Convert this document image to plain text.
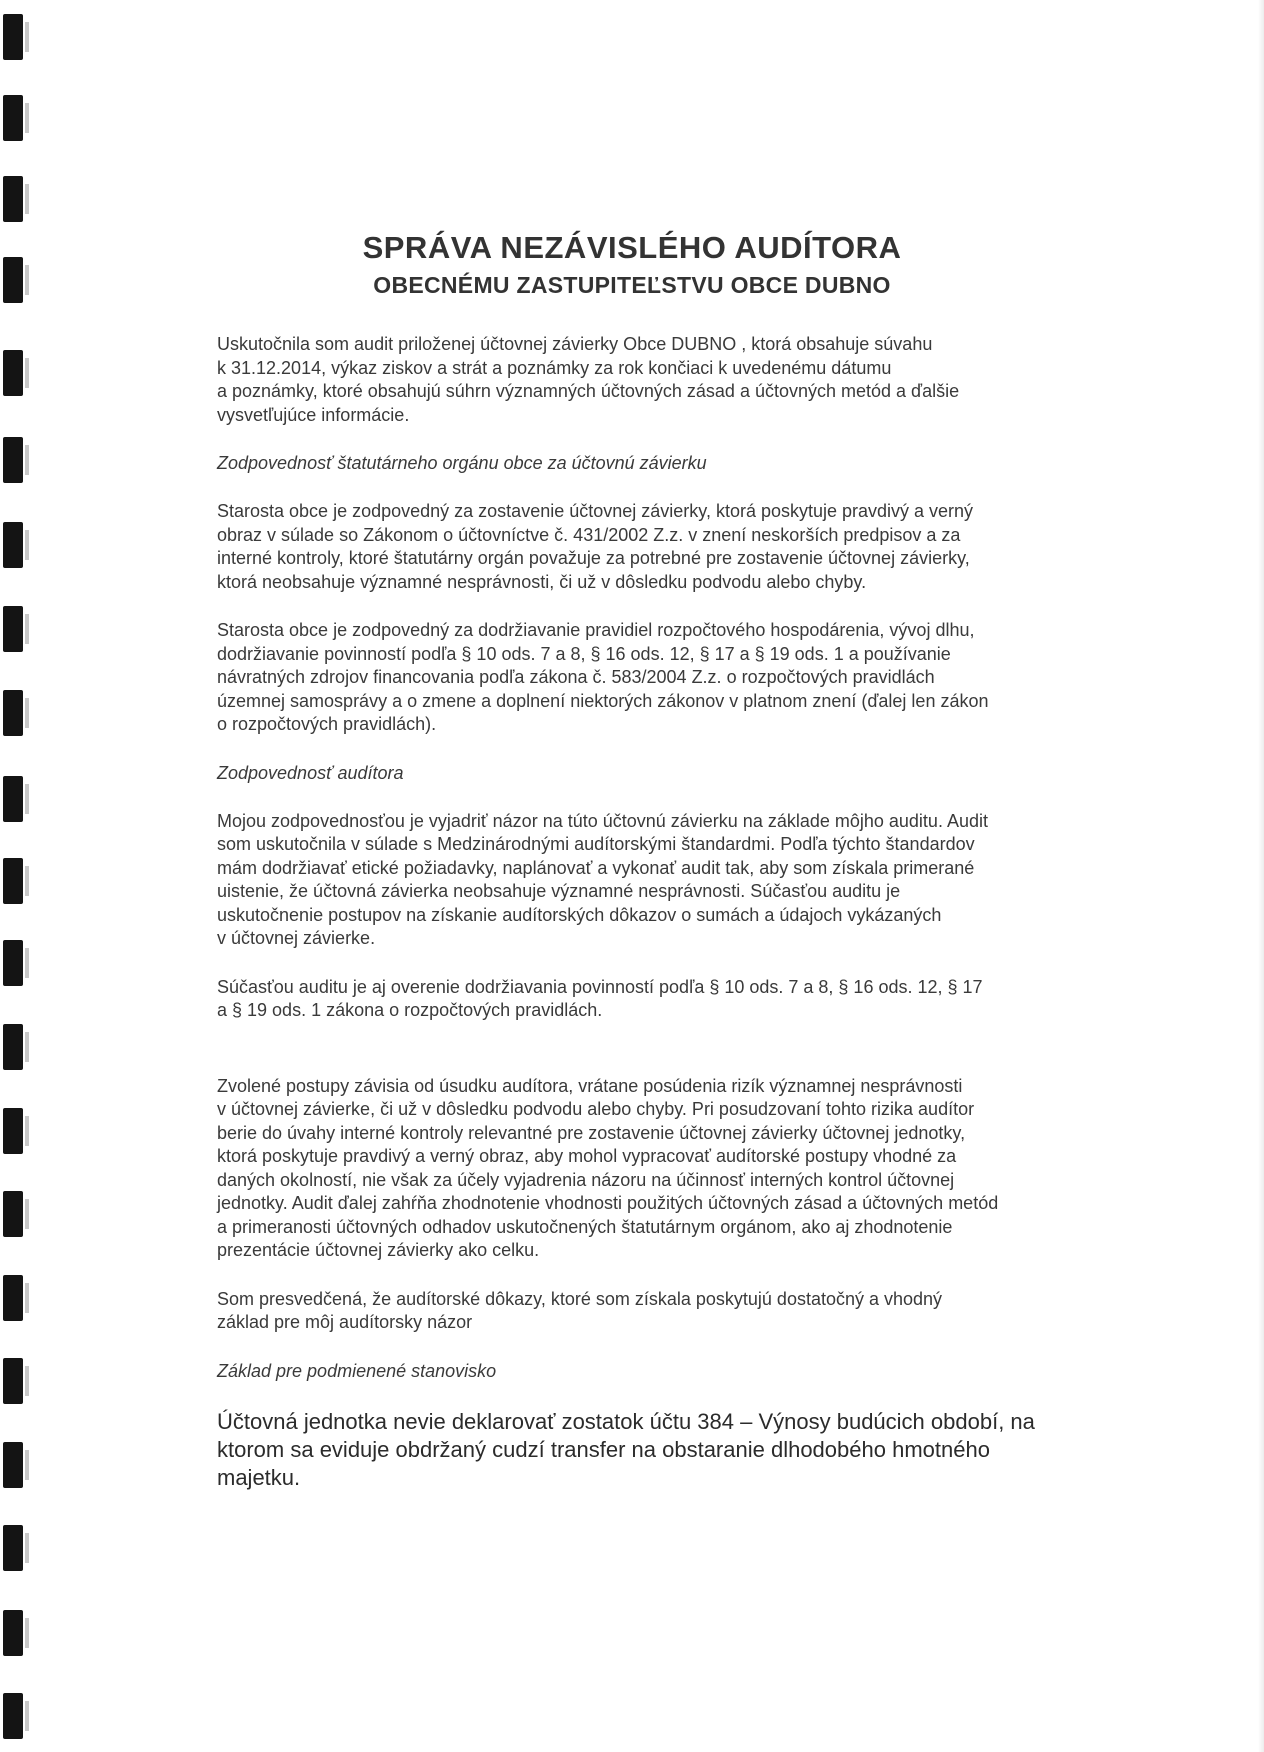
SPRÁVA NEZÁVISLÉHO AUDÍTORA
OBECNÉMU ZASTUPITEĽSTVU OBCE DUBNO

Uskutočnila som audit priloženej účtovnej závierky Obce DUBNO , ktorá obsahuje súvahu
k 31.12.2014, výkaz ziskov a strát a poznámky za rok končiaci k uvedenému dátumu
a poznámky, ktoré obsahujú súhrn významných účtovných zásad a účtovných metód a ďalšie
vysvetľujúce informácie.

Zodpovednosť štatutárneho orgánu obce za účtovnú závierku

Starosta obce je zodpovedný za zostavenie účtovnej závierky, ktorá poskytuje pravdivý a verný
obraz v súlade so Zákonom o účtovníctve č. 431/2002 Z.z. v znení neskorších predpisov a za
interné kontroly, ktoré štatutárny orgán považuje za potrebné pre zostavenie účtovnej závierky,
ktorá neobsahuje významné nesprávnosti, či už v dôsledku podvodu alebo chyby.

Starosta obce je zodpovedný za dodržiavanie pravidiel rozpočtového hospodárenia, vývoj dlhu,
dodržiavanie povinností podľa § 10 ods. 7 a 8, § 16 ods. 12, § 17 a § 19 ods. 1 a používanie
návratných zdrojov financovania podľa zákona č. 583/2004 Z.z. o rozpočtových pravidlách
územnej samosprávy a o zmene a doplnení niektorých zákonov v platnom znení (ďalej len zákon
o rozpočtových pravidlách).

Zodpovednosť audítora

Mojou zodpovednosťou je vyjadriť názor na túto účtovnú závierku na základe môjho auditu. Audit
som uskutočnila v súlade s Medzinárodnými audítorskými štandardmi. Podľa týchto štandardov
mám dodržiavať etické požiadavky, naplánovať a vykonať audit tak, aby som získala primerané
uistenie, že účtovná závierka neobsahuje významné nesprávnosti. Súčasťou auditu je
uskutočnenie postupov na získanie audítorských dôkazov o sumách a údajoch vykázaných
v účtovnej závierke.

Súčasťou auditu je aj overenie dodržiavania povinností podľa § 10 ods. 7 a 8, § 16 ods. 12, § 17
a § 19 ods. 1 zákona o rozpočtových pravidlách.

Zvolené postupy závisia od úsudku audítora, vrátane posúdenia rizík významnej nesprávnosti
v účtovnej závierke, či už v dôsledku podvodu alebo chyby. Pri posudzovaní tohto rizika audítor
berie do úvahy interné kontroly relevantné pre zostavenie účtovnej závierky účtovnej jednotky,
ktorá poskytuje pravdivý a verný obraz, aby mohol vypracovať audítorské postupy vhodné za
daných okolností, nie však za účely vyjadrenia názoru na účinnosť interných kontrol účtovnej
jednotky. Audit ďalej zahŕňa zhodnotenie vhodnosti použitých účtovných zásad a účtovných metód
a primeranosti účtovných odhadov uskutočnených štatutárnym orgánom, ako aj zhodnotenie
prezentácie účtovnej závierky ako celku.

Som presvedčená, že audítorské dôkazy, ktoré som získala poskytujú dostatočný a vhodný
základ pre môj audítorsky názor

Základ pre podmienené stanovisko

Účtovná jednotka nevie deklarovať zostatok účtu 384 – Výnosy budúcich období, na
ktorom sa eviduje obdržaný cudzí transfer na obstaranie dlhodobého hmotného
majetku.
